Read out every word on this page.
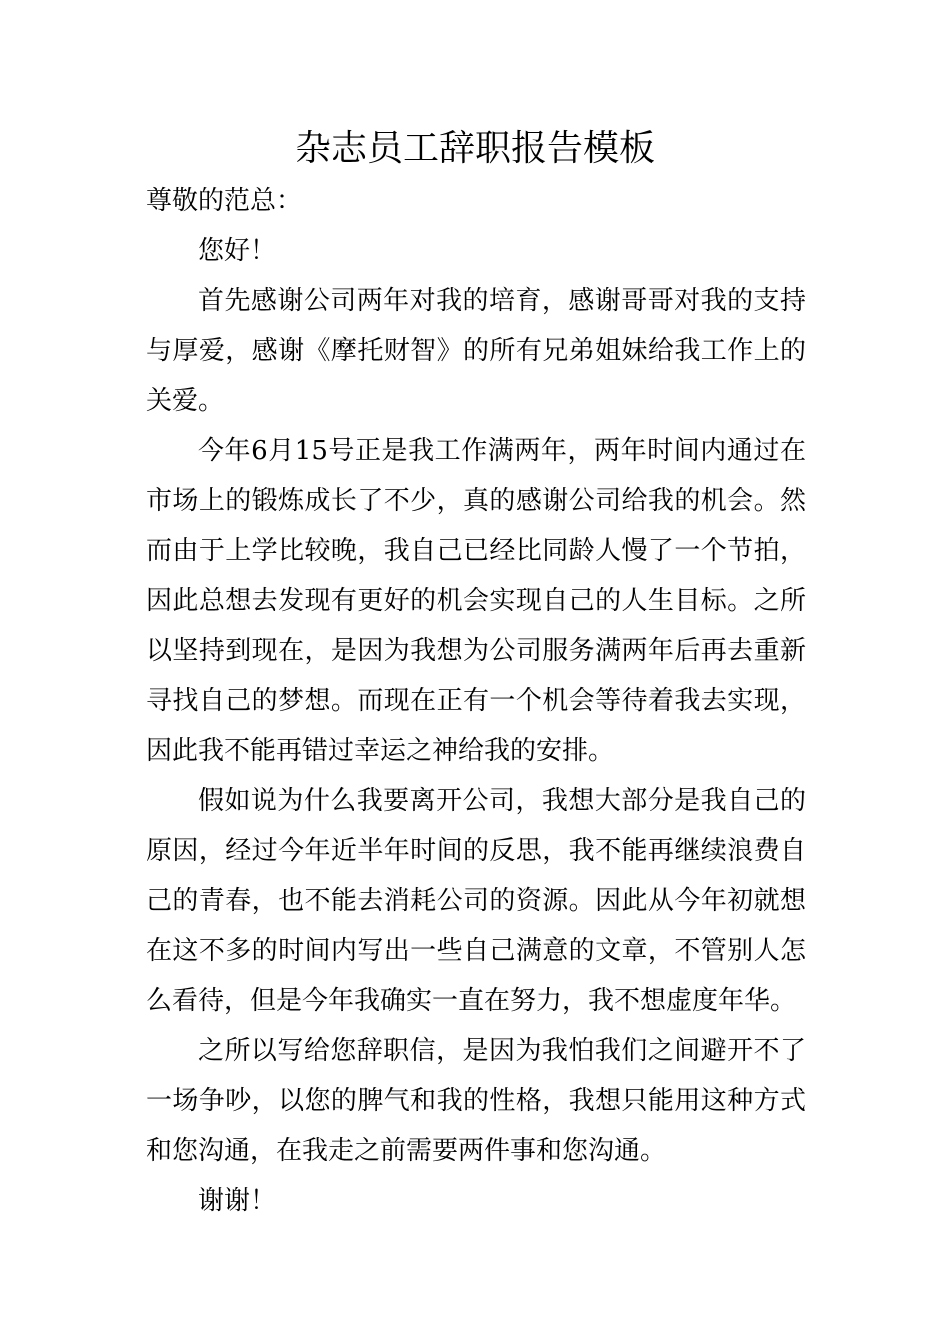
杂志员工辞职报告模板

尊敬的范总：

您好！

首先感谢公司两年对我的培育，感谢哥哥对我的支持与厚爱，感谢《摩托财智》的所有兄弟姐妹给我工作上的关爱。

今年6月15号正是我工作满两年，两年时间内通过在市场上的锻炼成长了不少，真的感谢公司给我的机会。然而由于上学比较晚，我自己已经比同龄人慢了一个节拍，因此总想去发现有更好的机会实现自己的人生目标。之所以坚持到现在，是因为我想为公司服务满两年后再去重新寻找自己的梦想。而现在正有一个机会等待着我去实现，因此我不能再错过幸运之神给我的安排。

假如说为什么我要离开公司，我想大部分是我自己的原因，经过今年近半年时间的反思，我不能再继续浪费自己的青春，也不能去消耗公司的资源。因此从今年初就想在这不多的时间内写出一些自己满意的文章，不管别人怎么看待，但是今年我确实一直在努力，我不想虚度年华。

之所以写给您辞职信，是因为我怕我们之间避开不了一场争吵，以您的脾气和我的性格，我想只能用这种方式和您沟通，在我走之前需要两件事和您沟通。

谢谢！
